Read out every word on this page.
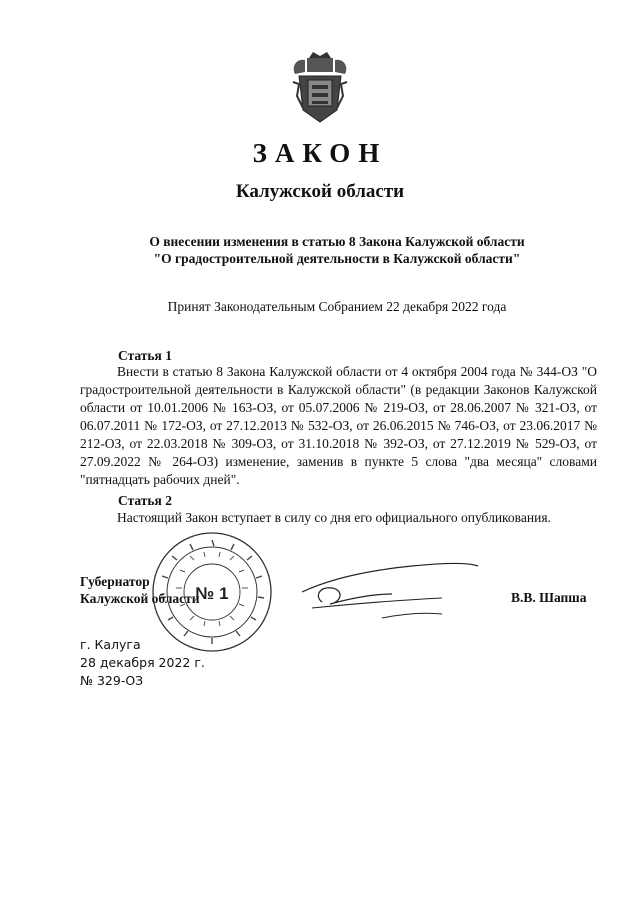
ЗАКОН
Калужской области
О внесении изменения в статью 8 Закона Калужской области
"О градостроительной деятельности в Калужской области"
Принят Законодательным Собранием 22 декабря 2022 года
Статья 1
Внести в статью 8 Закона Калужской области от 4 октября 2004 года № 344-ОЗ "О градостроительной деятельности в Калужской области" (в редакции Законов Калужской области от 10.01.2006 № 163-ОЗ, от 05.07.2006 № 219-ОЗ, от 28.06.2007 № 321-ОЗ, от 06.07.2011 № 172-ОЗ, от 27.12.2013 № 532-ОЗ, от 26.06.2015 № 746-ОЗ, от 23.06.2017 № 212-ОЗ, от 22.03.2018 № 309-ОЗ, от 31.10.2018 № 392-ОЗ, от 27.12.2019 № 529-ОЗ, от 27.09.2022 № 264-ОЗ) изменение, заменив в пункте 5 слова "два месяца" словами "пятнадцать рабочих дней".
Статья 2
Настоящий Закон вступает в силу со дня его официального опубликования.
№ 1
Губернатор
Калужской области	В.В. Шапша
г. Калуга
28 декабря 2022 г.
№ 329-ОЗ
